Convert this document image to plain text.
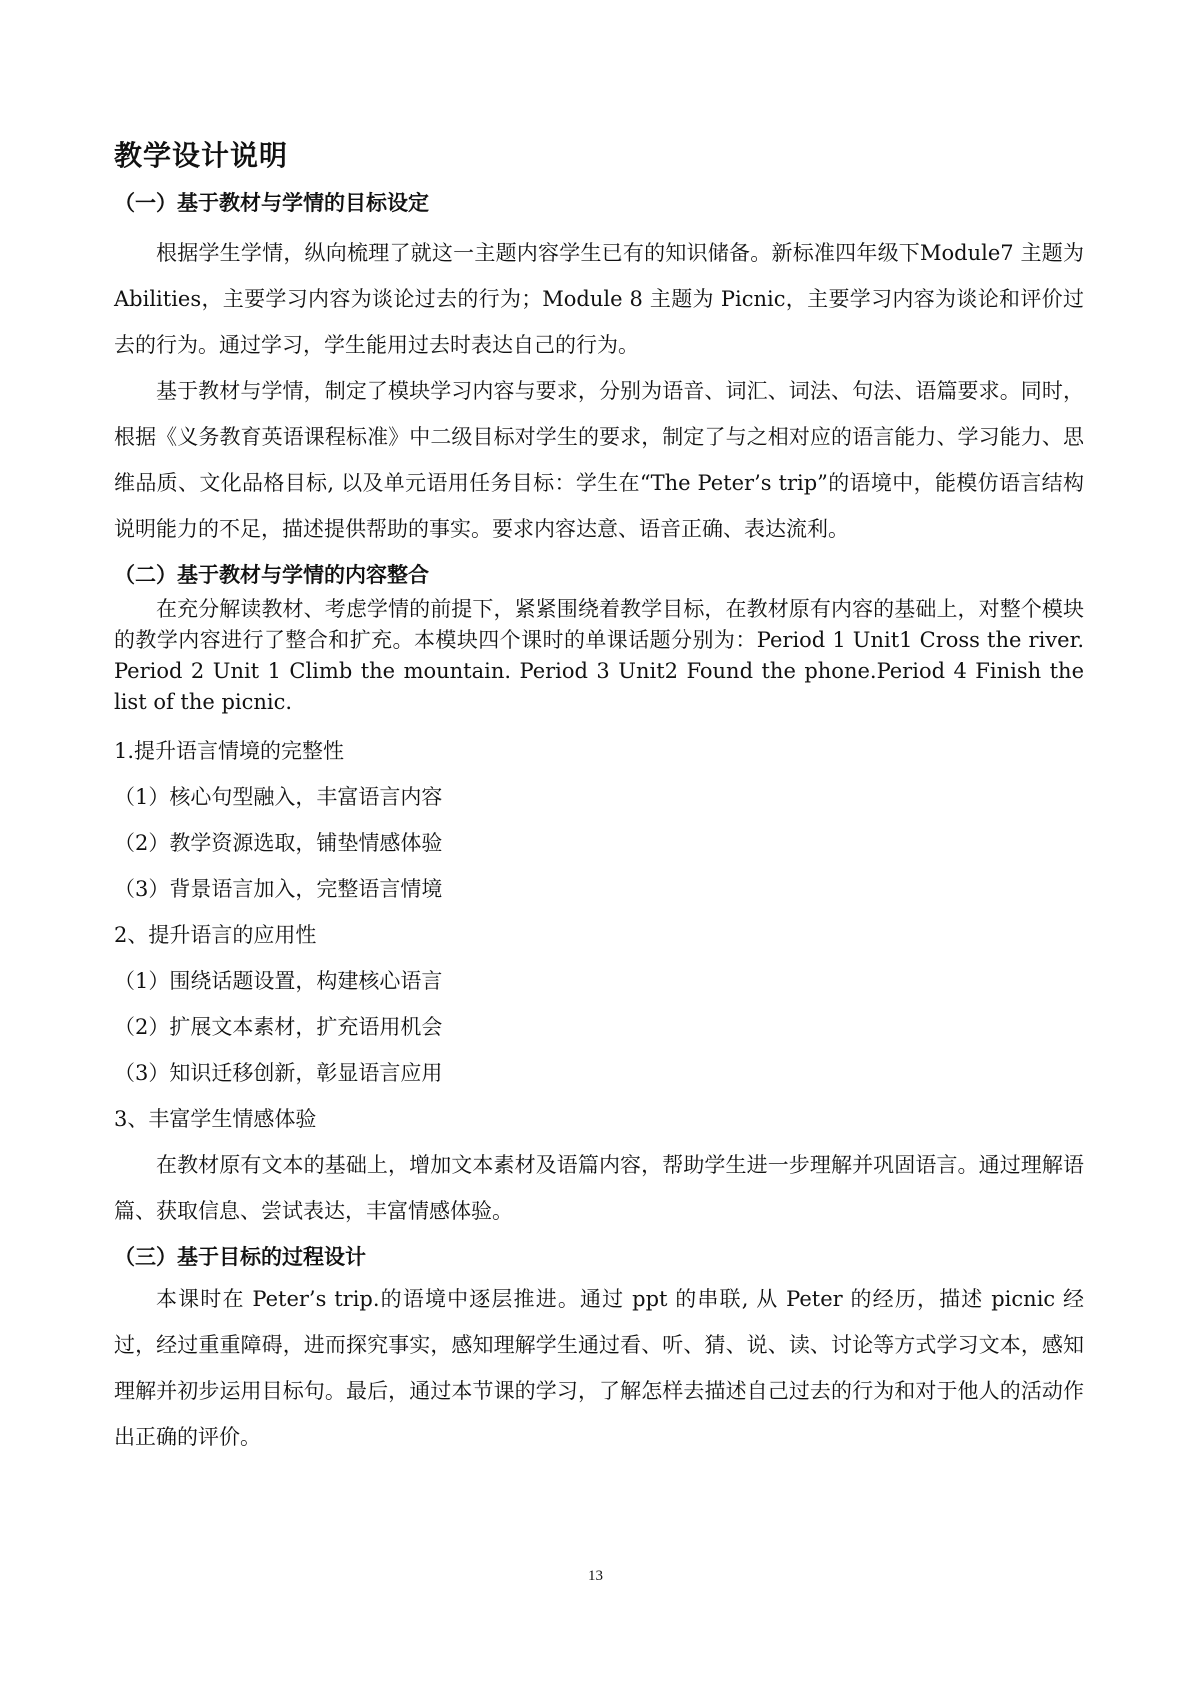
教学设计说明
（一）基于教材与学情的目标设定

根据学生学情，纵向梳理了就这一主题内容学生已有的知识储备。新标准四年级下Module7 主题为 Abilities，主要学习内容为谈论过去的行为；Module 8 主题为 Picnic，主要学习内容为谈论和评价过去的行为。通过学习，学生能用过去时表达自己的行为。

基于教材与学情，制定了模块学习内容与要求，分别为语音、词汇、词法、句法、语篇要求。同时，根据《义务教育英语课程标准》中二级目标对学生的要求，制定了与之相对应的语言能力、学习能力、思维品质、文化品格目标, 以及单元语用任务目标：学生在“The Peter’s trip”的语境中，能模仿语言结构说明能力的不足，描述提供帮助的事实。要求内容达意、语音正确、表达流利。

（二）基于教材与学情的内容整合

在充分解读教材、考虑学情的前提下，紧紧围绕着教学目标，在教材原有内容的基础上，对整个模块的教学内容进行了整合和扩充。本模块四个课时的单课话题分别为：Period 1 Unit1 Cross the river. Period 2 Unit 1 Climb the mountain. Period 3 Unit2 Found the phone.Period 4 Finish the list of the picnic.

1.提升语言情境的完整性

（1）核心句型融入，丰富语言内容

（2）教学资源选取，铺垫情感体验

（3）背景语言加入，完整语言情境

2、提升语言的应用性

（1）围绕话题设置，构建核心语言

（2）扩展文本素材，扩充语用机会

（3）知识迁移创新，彰显语言应用

3、丰富学生情感体验

在教材原有文本的基础上，增加文本素材及语篇内容，帮助学生进一步理解并巩固语言。通过理解语篇、获取信息、尝试表达，丰富情感体验。

（三）基于目标的过程设计

本课时在 Peter’s trip.的语境中逐层推进。通过 ppt 的串联, 从 Peter 的经历，描述 picnic 经过，经过重重障碍，进而探究事实，感知理解学生通过看、听、猜、说、读、讨论等方式学习文本，感知理解并初步运用目标句。最后，通过本节课的学习，了解怎样去描述自己过去的行为和对于他人的活动作出正确的评价。

13
